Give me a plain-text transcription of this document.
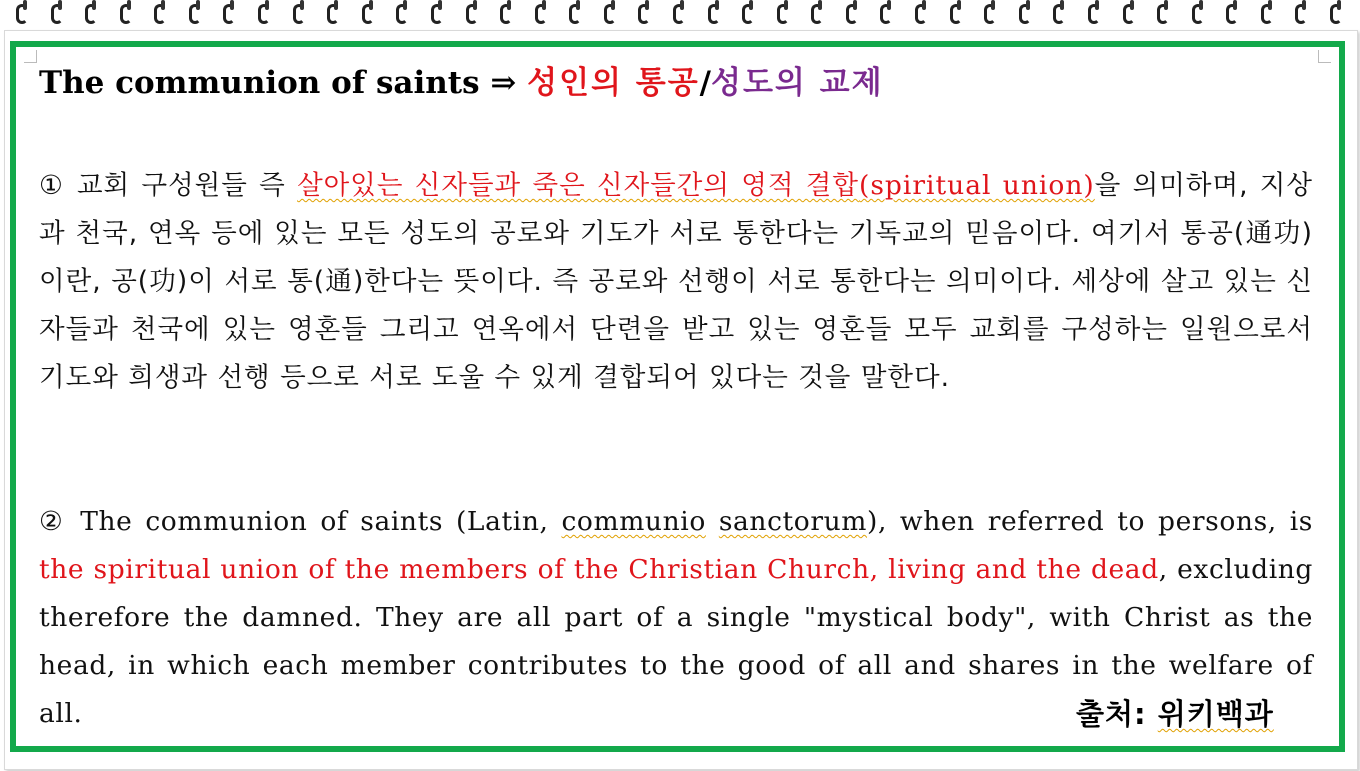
The communion of saints ⇒ 성인의 통공/성도의 교제
① 교회 구성원들 즉 살아있는 신자들과 죽은 신자들간의 영적 결합(spiritual union)을 의미하며, 지상과 천국, 연옥 등에 있는 모든 성도의 공로와 기도가 서로 통한다는 기독교의 믿음이다. 여기서 통공(通功)이란, 공(功)이 서로 통(通)한다는 뜻이다. 즉 공로와 선행이 서로 통한다는 의미이다. 세상에 살고 있는 신자들과 천국에 있는 영혼들 그리고 연옥에서 단련을 받고 있는 영혼들 모두 교회를 구성하는 일원으로서 기도와 희생과 선행 등으로 서로 도울 수 있게 결합되어 있다는 것을 말한다.
② The communion of saints (Latin, communio sanctorum), when referred to persons, is the spiritual union of the members of the Christian Church, living and the dead, excluding therefore the damned. They are all part of a single "mystical body", with Christ as the head, in which each member contributes to the good of all and shares in the welfare of all.	출처: 위키백과
